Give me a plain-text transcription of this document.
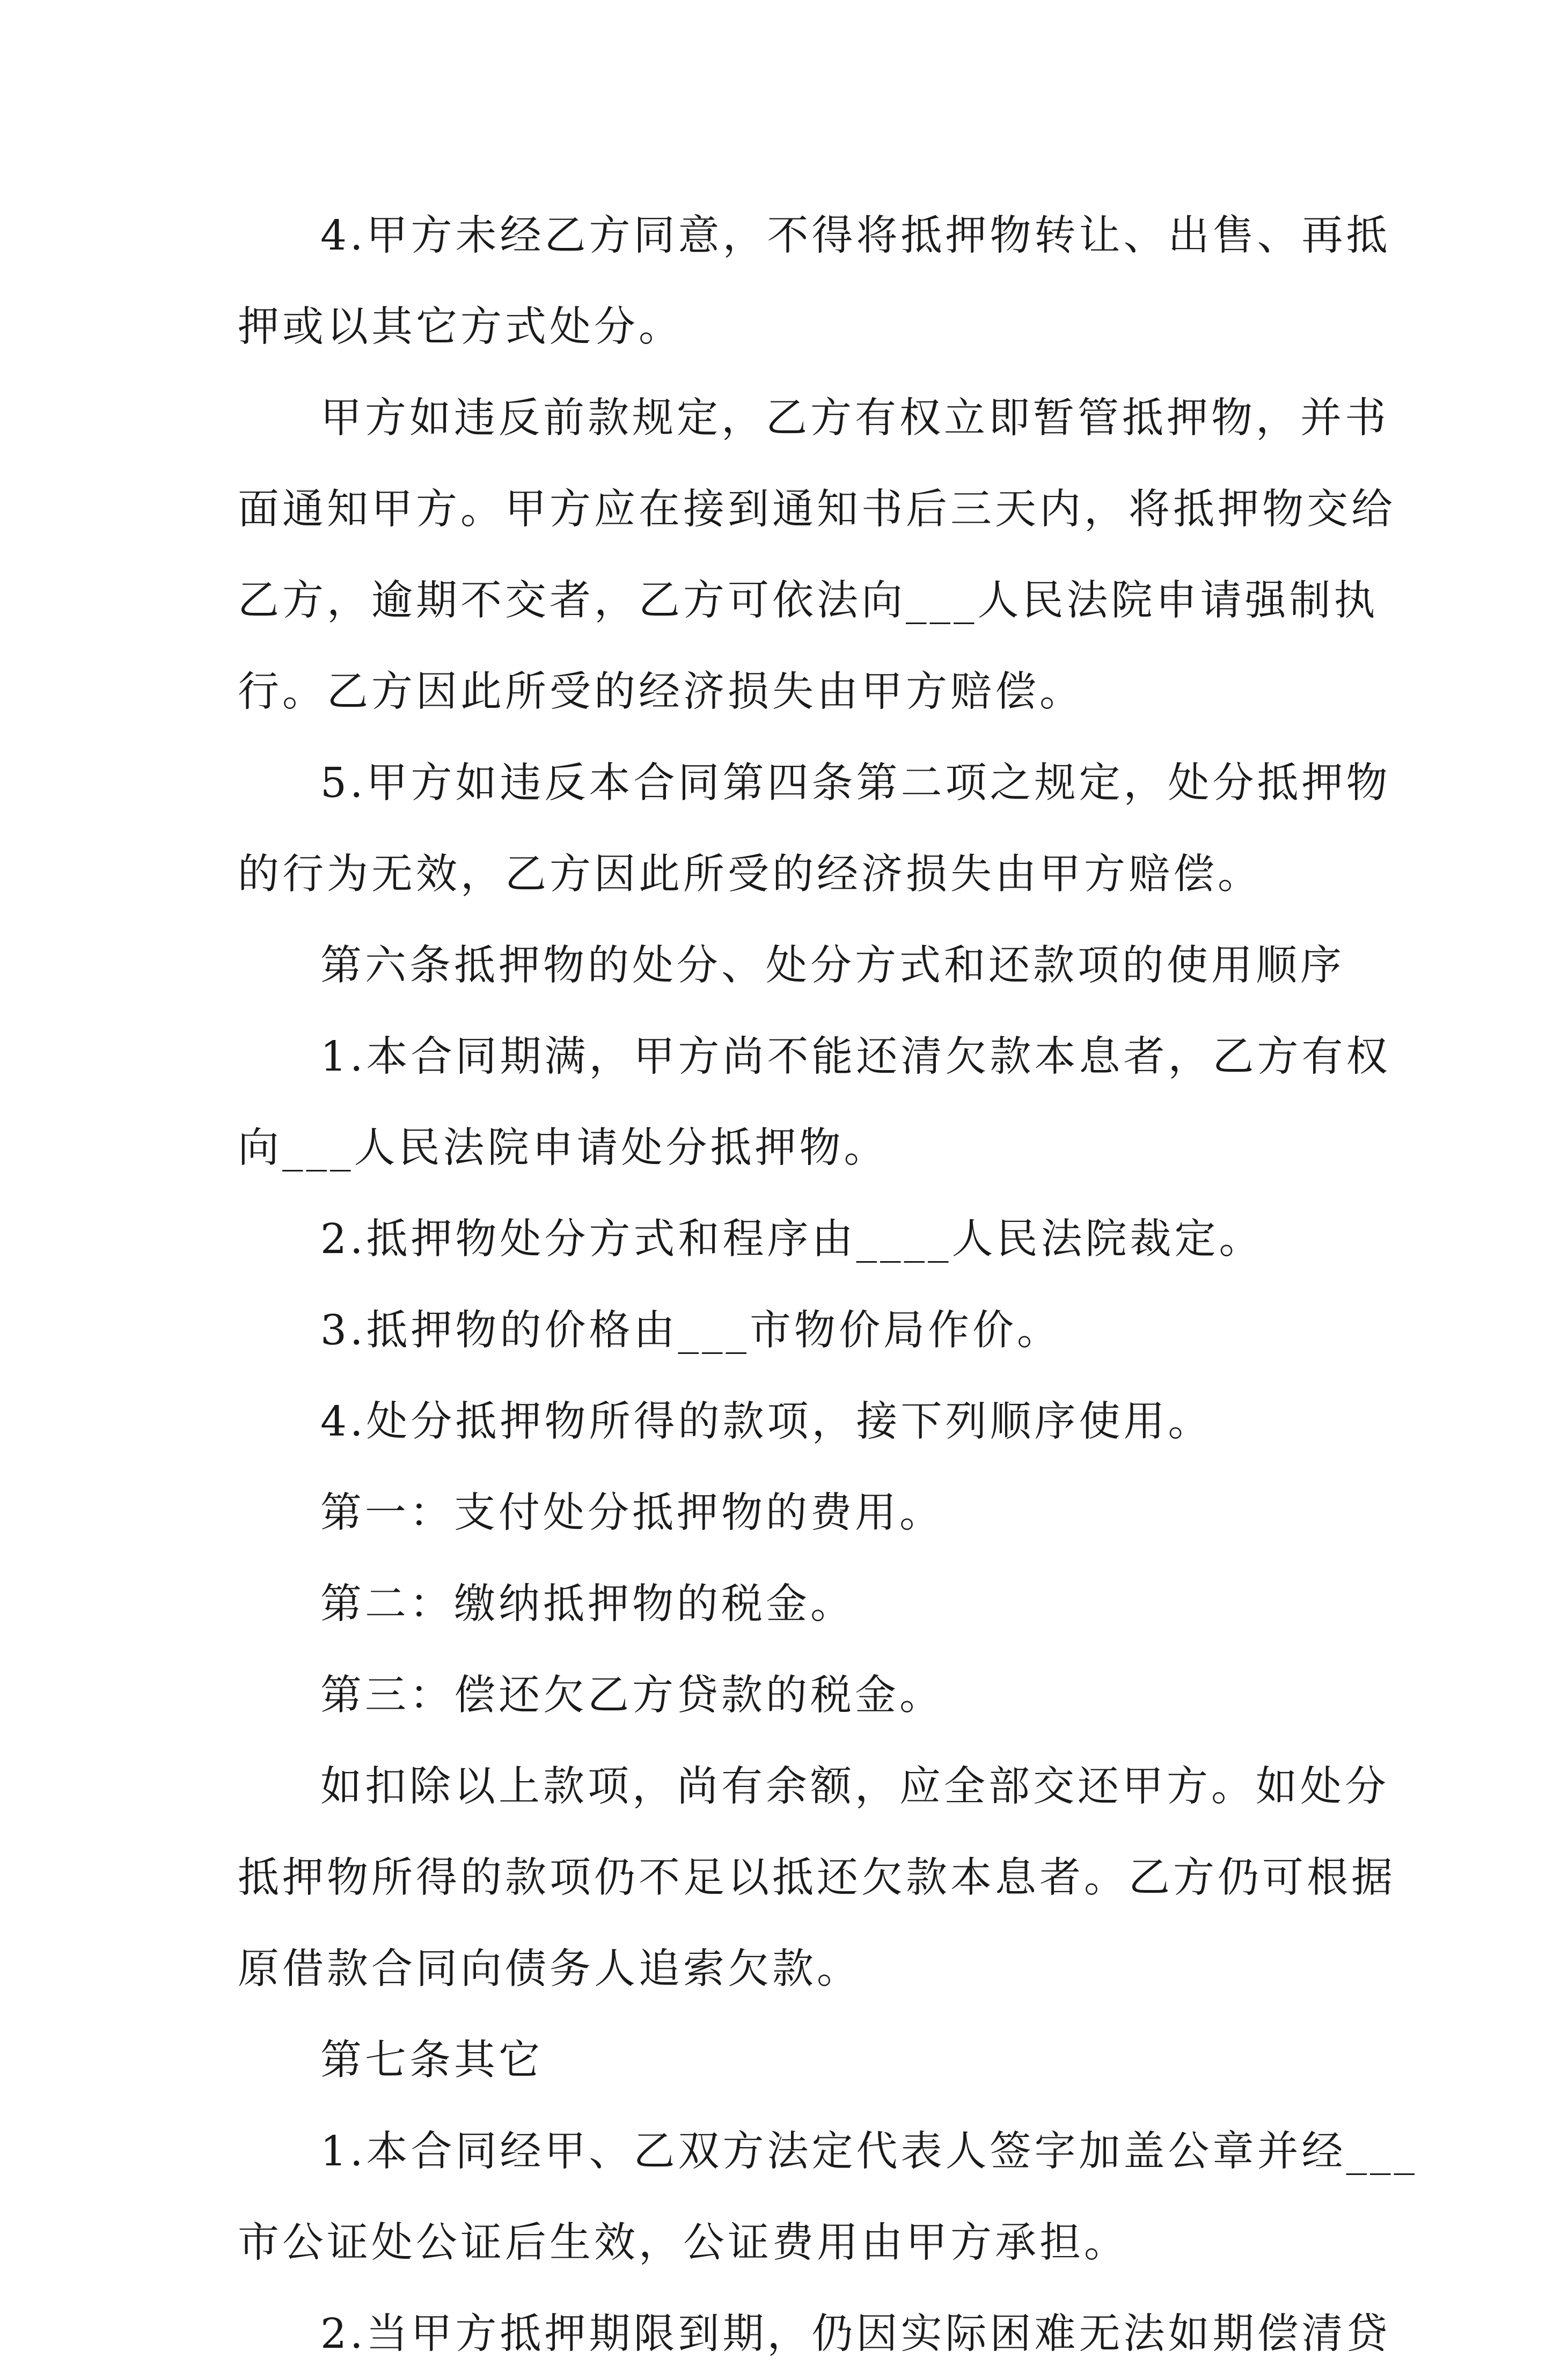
4.甲方未经乙方同意，不得将抵押物转让、出售、再抵
押或以其它方式处分。
甲方如违反前款规定，乙方有权立即暂管抵押物，并书
面通知甲方。甲方应在接到通知书后三天内，将抵押物交给
乙方，逾期不交者，乙方可依法向___人民法院申请强制执
行。乙方因此所受的经济损失由甲方赔偿。
5.甲方如违反本合同第四条第二项之规定，处分抵押物
的行为无效，乙方因此所受的经济损失由甲方赔偿。
第六条抵押物的处分、处分方式和还款项的使用顺序
1.本合同期满，甲方尚不能还清欠款本息者，乙方有权
向___人民法院申请处分抵押物。
2.抵押物处分方式和程序由____人民法院裁定。
3.抵押物的价格由___市物价局作价。
4.处分抵押物所得的款项，接下列顺序使用。
第一：支付处分抵押物的费用。
第二：缴纳抵押物的税金。
第三：偿还欠乙方贷款的税金。
如扣除以上款项，尚有余额，应全部交还甲方。如处分
抵押物所得的款项仍不足以抵还欠款本息者。乙方仍可根据
原借款合同向债务人追索欠款。
第七条其它
1.本合同经甲、乙双方法定代表人签字加盖公章并经___
市公证处公证后生效，公证费用由甲方承担。
2.当甲方抵押期限到期，仍因实际困难无法如期偿清贷
